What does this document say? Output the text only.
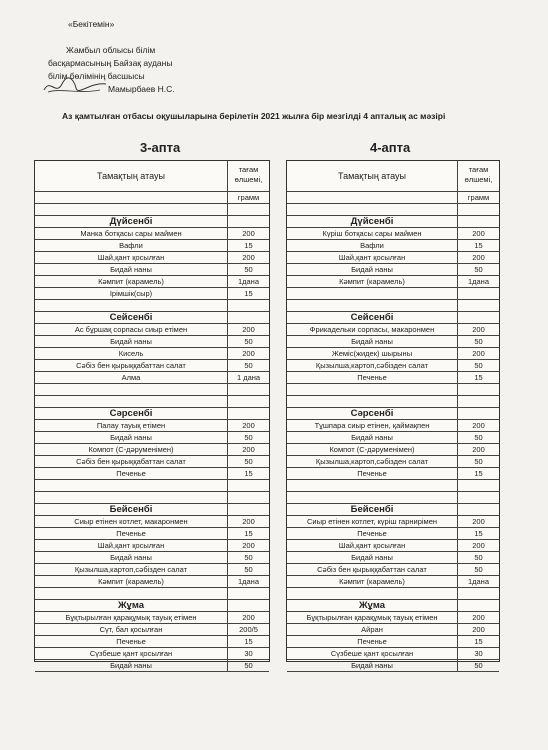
«Бекітемін»
Жамбыл облысы білім
басқармасының Байзақ ауданы
білім бөлімінің басшысы
Мамырбаев Н.С.
Аз қамтылған отбасы оқушыларына берілетін 2021 жылға бір мезгілді 4 апталық ас мәзірі
3-апта
Тамақтың атауы
тағам өлшемі,
грамм
Дүйсенбі
Манка ботқасы сары маймен	200
Вафли	15
Шай,қант қосылған	200
Бидай наны	50
Кәмпит (карамель)	1дана
Ірімшік(сыр)	15
Сейсенбі
Ас бұршақ сорпасы сиыр етімен	200
Бидай наны	50
Кисель	200
Сәбіз бен қырыққабаттан салат	50
Алма	1 дана
Сәрсенбі
Палау тауық етімен	200
Бидай наны	50
Компот (С-дәруменімен)	200
Сәбіз бен қырыққабаттан салат	50
Печенье	15
Бейсенбі
Сиыр етінен котлет, макаронмен	200
Печенье	15
Шай,қант қосылған	200
Бидай наны	50
Қызылша,картоп,сәбізден салат	50
Кәмпит (карамель)	1дана
Жұма
Бұқтырылған қарақұмық тауық етімен	200
Сүт, бал қосылған	200/5
Печенье	15
Сүзбеше қант қосылған	30
Бидай наны	50
4-апта
Тамақтың атауы
тағам өлшемі,
грамм
Дүйсенбі
Күріш ботқасы сары маймен	200
Вафли	15
Шай,қант қосылған	200
Бидай наны	50
Кәмпит (карамель)	1дана
Сейсенбі
Фрикадельки сорпасы, макаронмен	200
Бидай наны	50
Жеміс(жидек) шырыны	200
Қызылша,картоп,сәбізден салат	50
Печенье	15
Сәрсенбі
Тұшпара сиыр етінен, қаймақпен	200
Бидай наны	50
Компот (С-дәруменімен)	200
Қызылша,картоп,сәбізден салат	50
Печенье	15
Бейсенбі
Сиыр етінен котлет, күріш гарнирімен	200
Печенье	15
Шай,қант қосылған	200
Бидай наны	50
Сәбіз бен қырыққабаттан салат	50
Кәмпит (карамель)	1дана
Жұма
Бұқтырылған қарақұмық тауық етімен	200
Айран	200
Печенье	15
Сүзбеше қант қосылған	30
Бидай наны	50
